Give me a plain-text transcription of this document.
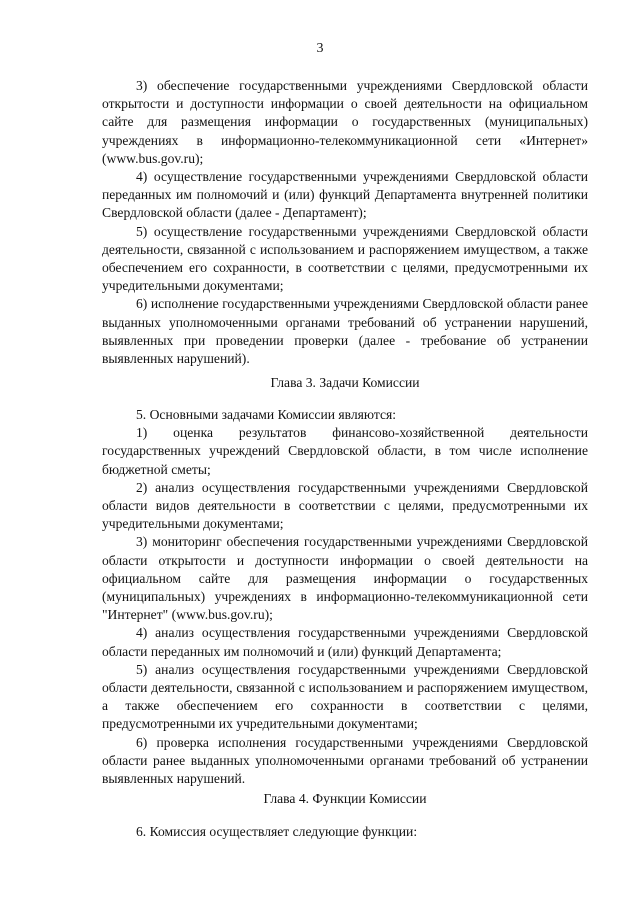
3

3) обеспечение государственными учреждениями Свердловской области открытости и доступности информации о своей деятельности на официальном сайте для размещения информации о государственных (муниципальных) учреждениях в информационно-телекоммуникационной сети «Интернет» (www.bus.gov.ru);

4) осуществление государственными учреждениями Свердловской области переданных им полномочий и (или) функций Департамента внутренней политики Свердловской области (далее - Департамент);

5) осуществление государственными учреждениями Свердловской области деятельности, связанной с использованием и распоряжением имуществом, а также обеспечением его сохранности, в соответствии с целями, предусмотренными их учредительными документами;

6) исполнение государственными учреждениями Свердловской области ранее выданных уполномоченными органами требований об устранении нарушений, выявленных при проведении проверки (далее - требование об устранении выявленных нарушений).

Глава 3. Задачи Комиссии

5. Основными задачами Комиссии являются:

1) оценка результатов финансово-хозяйственной деятельности государственных учреждений Свердловской области, в том числе исполнение бюджетной сметы;

2) анализ осуществления государственными учреждениями Свердловской области видов деятельности в соответствии с целями, предусмотренными их учредительными документами;

3) мониторинг обеспечения государственными учреждениями Свердловской области открытости и доступности информации о своей деятельности на официальном сайте для размещения информации о государственных (муниципальных) учреждениях в информационно-телекоммуникационной сети "Интернет" (www.bus.gov.ru);

4) анализ осуществления государственными учреждениями Свердловской области переданных им полномочий и (или) функций Департамента;

5) анализ осуществления государственными учреждениями Свердловской области деятельности, связанной с использованием и распоряжением имуществом, а также обеспечением его сохранности в соответствии с целями, предусмотренными их учредительными документами;

6) проверка исполнения государственными учреждениями Свердловской области ранее выданных уполномоченными органами требований об устранении выявленных нарушений.

Глава 4. Функции Комиссии

6. Комиссия осуществляет следующие функции:
